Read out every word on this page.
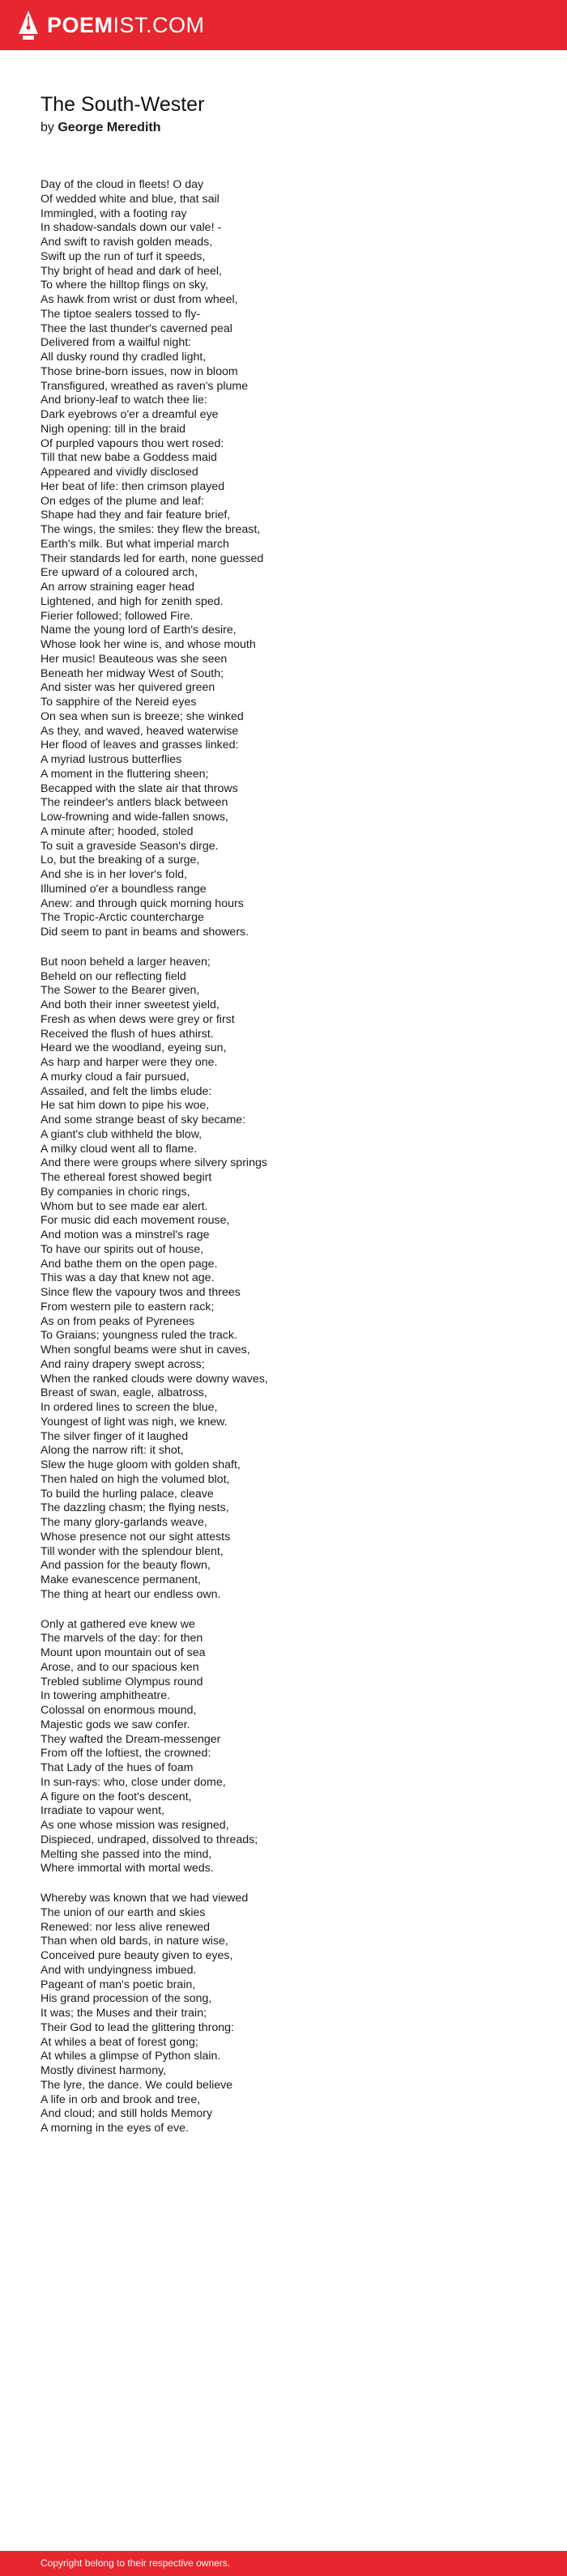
POEMIST.COM
The South-Wester
by George Meredith
Day of the cloud in fleets! O day
Of wedded white and blue, that sail
Immingled, with a footing ray
In shadow-sandals down our vale! -
And swift to ravish golden meads,
Swift up the run of turf it speeds,
Thy bright of head and dark of heel,
To where the hilltop flings on sky,
As hawk from wrist or dust from wheel,
The tiptoe sealers tossed to fly-
Thee the last thunder's caverned peal
Delivered from a wailful night:
All dusky round thy cradled light,
Those brine-born issues, now in bloom
Transfigured, wreathed as raven's plume
And briony-leaf to watch thee lie:
Dark eyebrows o'er a dreamful eye
Nigh opening: till in the braid
Of purpled vapours thou wert rosed:
Till that new babe a Goddess maid
Appeared and vividly disclosed
Her beat of life: then crimson played
On edges of the plume and leaf:
Shape had they and fair feature brief,
The wings, the smiles: they flew the breast,
Earth's milk. But what imperial march
Their standards led for earth, none guessed
Ere upward of a coloured arch,
An arrow straining eager head
Lightened, and high for zenith sped.
Fierier followed; followed Fire.
Name the young lord of Earth's desire,
Whose look her wine is, and whose mouth
Her music! Beauteous was she seen
Beneath her midway West of South;
And sister was her quivered green
To sapphire of the Nereid eyes
On sea when sun is breeze; she winked
As they, and waved, heaved waterwise
Her flood of leaves and grasses linked:
A myriad lustrous butterflies
A moment in the fluttering sheen;
Becapped with the slate air that throws
The reindeer's antlers black between
Low-frowning and wide-fallen snows,
A minute after; hooded, stoled
To suit a graveside Season's dirge.
Lo, but the breaking of a surge,
And she is in her lover's fold,
Illumined o'er a boundless range
Anew: and through quick morning hours
The Tropic-Arctic countercharge
Did seem to pant in beams and showers.
But noon beheld a larger heaven;
Beheld on our reflecting field
The Sower to the Bearer given,
And both their inner sweetest yield,
Fresh as when dews were grey or first
Received the flush of hues athirst.
Heard we the woodland, eyeing sun,
As harp and harper were they one.
A murky cloud a fair pursued,
Assailed, and felt the limbs elude:
He sat him down to pipe his woe,
And some strange beast of sky became:
A giant's club withheld the blow,
A milky cloud went all to flame.
And there were groups where silvery springs
The ethereal forest showed begirt
By companies in choric rings,
Whom but to see made ear alert.
For music did each movement rouse,
And motion was a minstrel's rage
To have our spirits out of house,
And bathe them on the open page.
This was a day that knew not age.
Since flew the vapoury twos and threes
From western pile to eastern rack;
As on from peaks of Pyrenees
To Graians; youngness ruled the track.
When songful beams were shut in caves,
And rainy drapery swept across;
When the ranked clouds were downy waves,
Breast of swan, eagle, albatross,
In ordered lines to screen the blue,
Youngest of light was nigh, we knew.
The silver finger of it laughed
Along the narrow rift: it shot,
Slew the huge gloom with golden shaft,
Then haled on high the volumed blot,
To build the hurling palace, cleave
The dazzling chasm; the flying nests,
The many glory-garlands weave,
Whose presence not our sight attests
Till wonder with the splendour blent,
And passion for the beauty flown,
Make evanescence permanent,
The thing at heart our endless own.
Only at gathered eve knew we
The marvels of the day: for then
Mount upon mountain out of sea
Arose, and to our spacious ken
Trebled sublime Olympus round
In towering amphitheatre.
Colossal on enormous mound,
Majestic gods we saw confer.
They wafted the Dream-messenger
From off the loftiest, the crowned:
That Lady of the hues of foam
In sun-rays: who, close under dome,
A figure on the foot's descent,
Irradiate to vapour went,
As one whose mission was resigned,
Dispieced, undraped, dissolved to threads;
Melting she passed into the mind,
Where immortal with mortal weds.
Whereby was known that we had viewed
The union of our earth and skies
Renewed: nor less alive renewed
Than when old bards, in nature wise,
Conceived pure beauty given to eyes,
And with undyingness imbued.
Pageant of man's poetic brain,
His grand procession of the song,
It was; the Muses and their train;
Their God to lead the glittering throng:
At whiles a beat of forest gong;
At whiles a glimpse of Python slain.
Mostly divinest harmony,
The lyre, the dance. We could believe
A life in orb and brook and tree,
And cloud; and still holds Memory
A morning in the eyes of eve.
Copyright belong to their respective owners.
